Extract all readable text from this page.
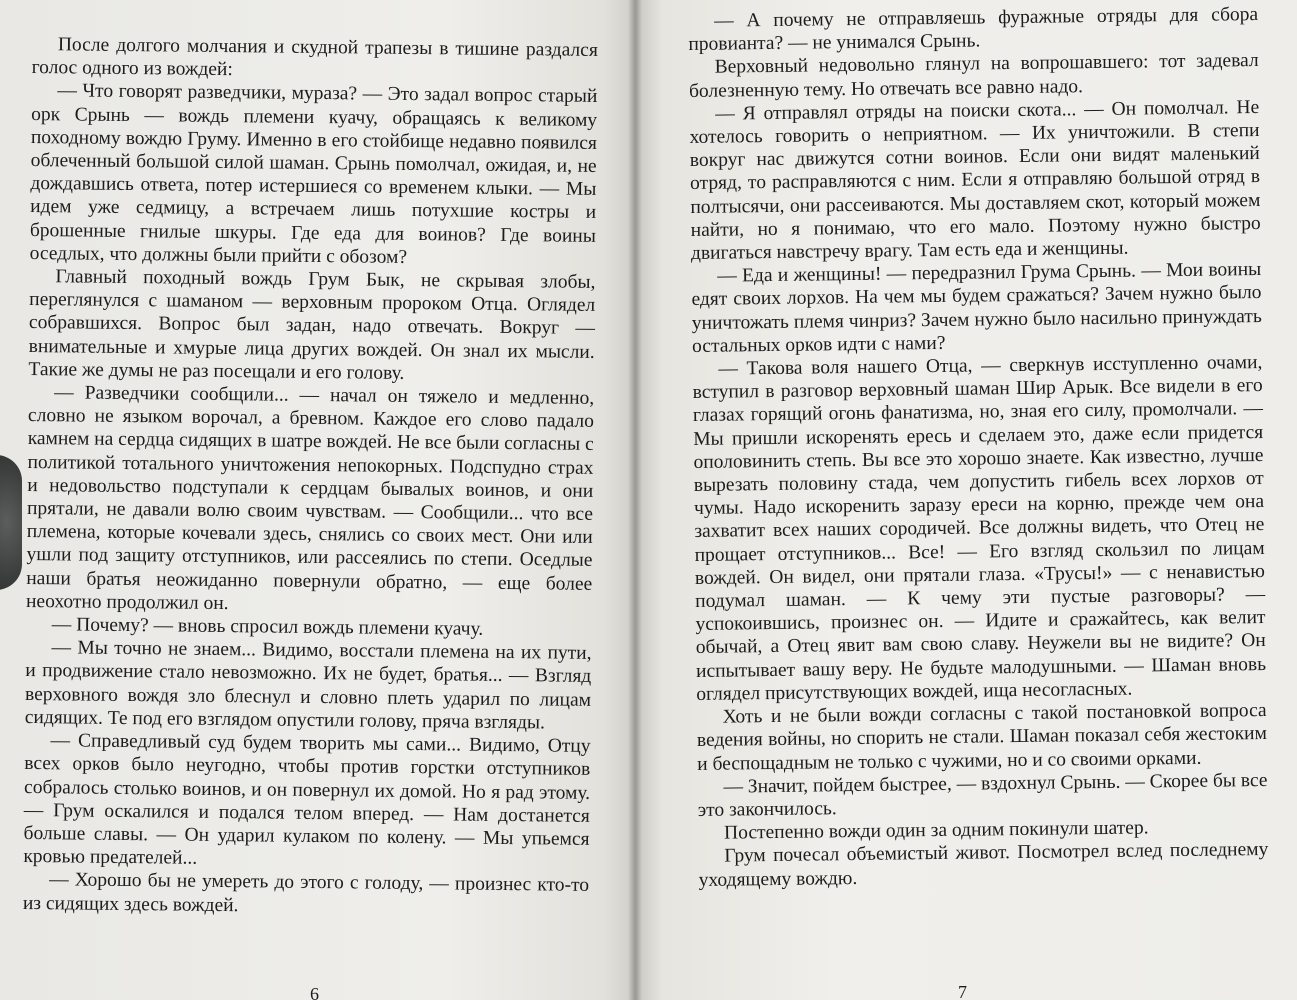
После долгого молчания и скудной трапезы в тишине раздался голос одного из вождей:

— Что говорят разведчики, мураза? — Это задал вопрос старый орк Срынь — вождь племени куачу, обращаясь к великому походному вождю Груму. Именно в его стойбище недавно появился облеченный большой силой шаман. Срынь помолчал, ожидая, и, не дождавшись ответа, потер истершиеся со временем клыки. — Мы идем уже седмицу, а встречаем лишь потухшие костры и брошенные гнилые шкуры. Где еда для воинов? Где воины оседлых, что должны были прийти с обозом?

Главный походный вождь Грум Бык, не скрывая злобы, переглянулся с шаманом — верховным пророком Отца. Оглядел собравшихся. Вопрос был задан, надо отвечать. Вокруг — внимательные и хмурые лица других вождей. Он знал их мысли. Такие же думы не раз посещали и его голову.

— Разведчики сообщили... — начал он тяжело и медленно, словно не языком ворочал, а бревном. Каждое его слово падало камнем на сердца сидящих в шатре вождей. Не все были согласны с политикой тотального уничтожения непокорных. Подспудно страх и недовольство подступали к сердцам бывалых воинов, и они прятали, не давали волю своим чувствам. — Сообщили... что все племена, которые кочевали здесь, снялись со своих мест. Они или ушли под защиту отступников, или рассеялись по степи. Оседлые наши братья неожиданно повернули обратно, — еще более неохотно продолжил он.

— Почему? — вновь спросил вождь племени куачу.

— Мы точно не знаем... Видимо, восстали племена на их пути, и продвижение стало невозможно. Их не будет, братья... — Взгляд верховного вождя зло блеснул и словно плеть ударил по лицам сидящих. Те под его взглядом опустили голову, пряча взгляды.

— Справедливый суд будем творить мы сами... Видимо, Отцу всех орков было неугодно, чтобы против горстки отступников собралось столько воинов, и он повернул их домой. Но я рад этому. — Грум оскалился и подался телом вперед. — Нам достанется больше славы. — Он ударил кулаком по колену. — Мы упьемся кровью предателей...

— Хорошо бы не умереть до этого с голоду, — произнес кто-то из сидящих здесь вождей.

6

— А почему не отправляешь фуражные отряды для сбора провианта? — не унимался Срынь.

Верховный недовольно глянул на вопрошавшего: тот задевал болезненную тему. Но отвечать все равно надо.

— Я отправлял отряды на поиски скота... — Он помолчал. Не хотелось говорить о неприятном. — Их уничтожили. В степи вокруг нас движутся сотни воинов. Если они видят маленький отряд, то расправляются с ним. Если я отправляю большой отряд в полтысячи, они рассеиваются. Мы доставляем скот, который можем найти, но я понимаю, что его мало. Поэтому нужно быстро двигаться навстречу врагу. Там есть еда и женщины.

— Еда и женщины! — передразнил Грума Срынь. — Мои воины едят своих лорхов. На чем мы будем сражаться? Зачем нужно было уничтожать племя чинриз? Зачем нужно было насильно принуждать остальных орков идти с нами?

— Такова воля нашего Отца, — сверкнув исступленно очами, вступил в разговор верховный шаман Шир Арык. Все видели в его глазах горящий огонь фанатизма, но, зная его силу, промолчали. — Мы пришли искоренять ересь и сделаем это, даже если придется ополовинить степь. Вы все это хорошо знаете. Как известно, лучше вырезать половину стада, чем допустить гибель всех лорхов от чумы. Надо искоренить заразу ереси на корню, прежде чем она захватит всех наших сородичей. Все должны видеть, что Отец не прощает отступников... Все! — Его взгляд скользил по лицам вождей. Он видел, они прятали глаза. «Трусы!» — с ненавистью подумал шаман. — К чему эти пустые разговоры? — успокоившись, произнес он. — Идите и сражайтесь, как велит обычай, а Отец явит вам свою славу. Неужели вы не видите? Он испытывает вашу веру. Не будьте малодушными. — Шаман вновь оглядел присутствующих вождей, ища несогласных.

Хоть и не были вожди согласны с такой постановкой вопроса ведения войны, но спорить не стали. Шаман показал себя жестоким и беспощадным не только с чужими, но и со своими орками.

— Значит, пойдем быстрее, — вздохнул Срынь. — Скорее бы все это закончилось.

Постепенно вожди один за одним покинули шатер.

Грум почесал объемистый живот. Посмотрел вслед последнему уходящему вождю.

7
